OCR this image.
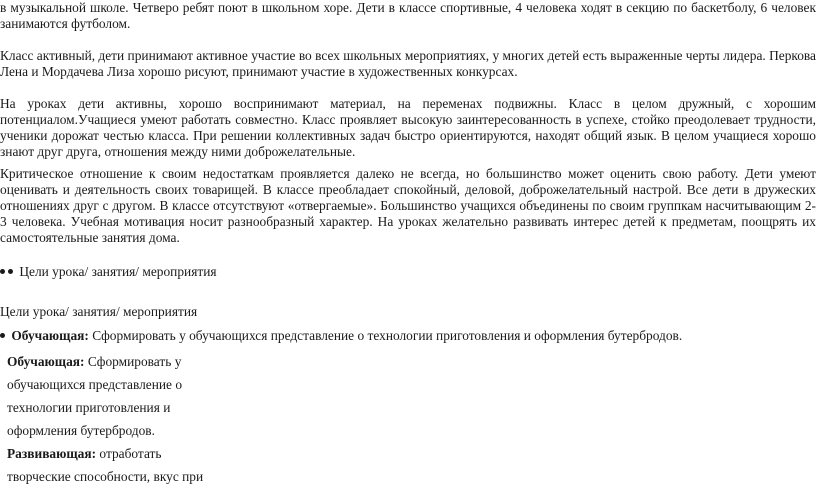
в музыкальной школе. Четверо ребят поют в школьном хоре. Дети в классе спортивные, 4 человека ходят в секцию по баскетболу, 6 человек занимаются футболом.

Класс активный, дети принимают активное участие во всех школьных мероприятиях, у многих детей есть выраженные черты лидера. Перкова Лена и Мордачева Лиза хорошо рисуют, принимают участие в художественных конкурсах.

На уроках дети активны, хорошо воспринимают материал, на переменах подвижны. Класс в целом дружный, с хорошим потенциалом.Учащиеся умеют работать совместно. Класс проявляет высокую заинтересованность в успехе, стойко преодолевает трудности, ученики дорожат честью класса. При решении коллективных задач быстро ориентируются, находят общий язык. В целом учащиеся хорошо знают друг друга, отношения между ними доброжелательные.

Критическое отношение к своим недостаткам проявляется далеко не всегда, но большинство может оценить свою работу. Дети умеют оценивать и деятельность своих товарищей. В классе преобладает спокойный, деловой, доброжелательный настрой. Все дети в дружеских отношениях друг с другом. В классе отсутствуют «отвергаемые». Большинство учащихся объединены по своим группкам насчитывающим 2-3 человека. Учебная мотивация носит разнообразный характер. На уроках желательно развивать интерес детей к предметам, поощрять их самостоятельные занятия дома.

Цели урока/ занятия/ мероприятия
Цели урока/ занятия/ мероприятия
Обучающая: Сформировать у обучающихся представление о технологии приготовления и оформления бутербродов.
Обучающая: Сформировать у
обучающихся представление о
технологии приготовления и
оформления бутербродов.
Развивающая: отработать
творческие способности, вкус при
